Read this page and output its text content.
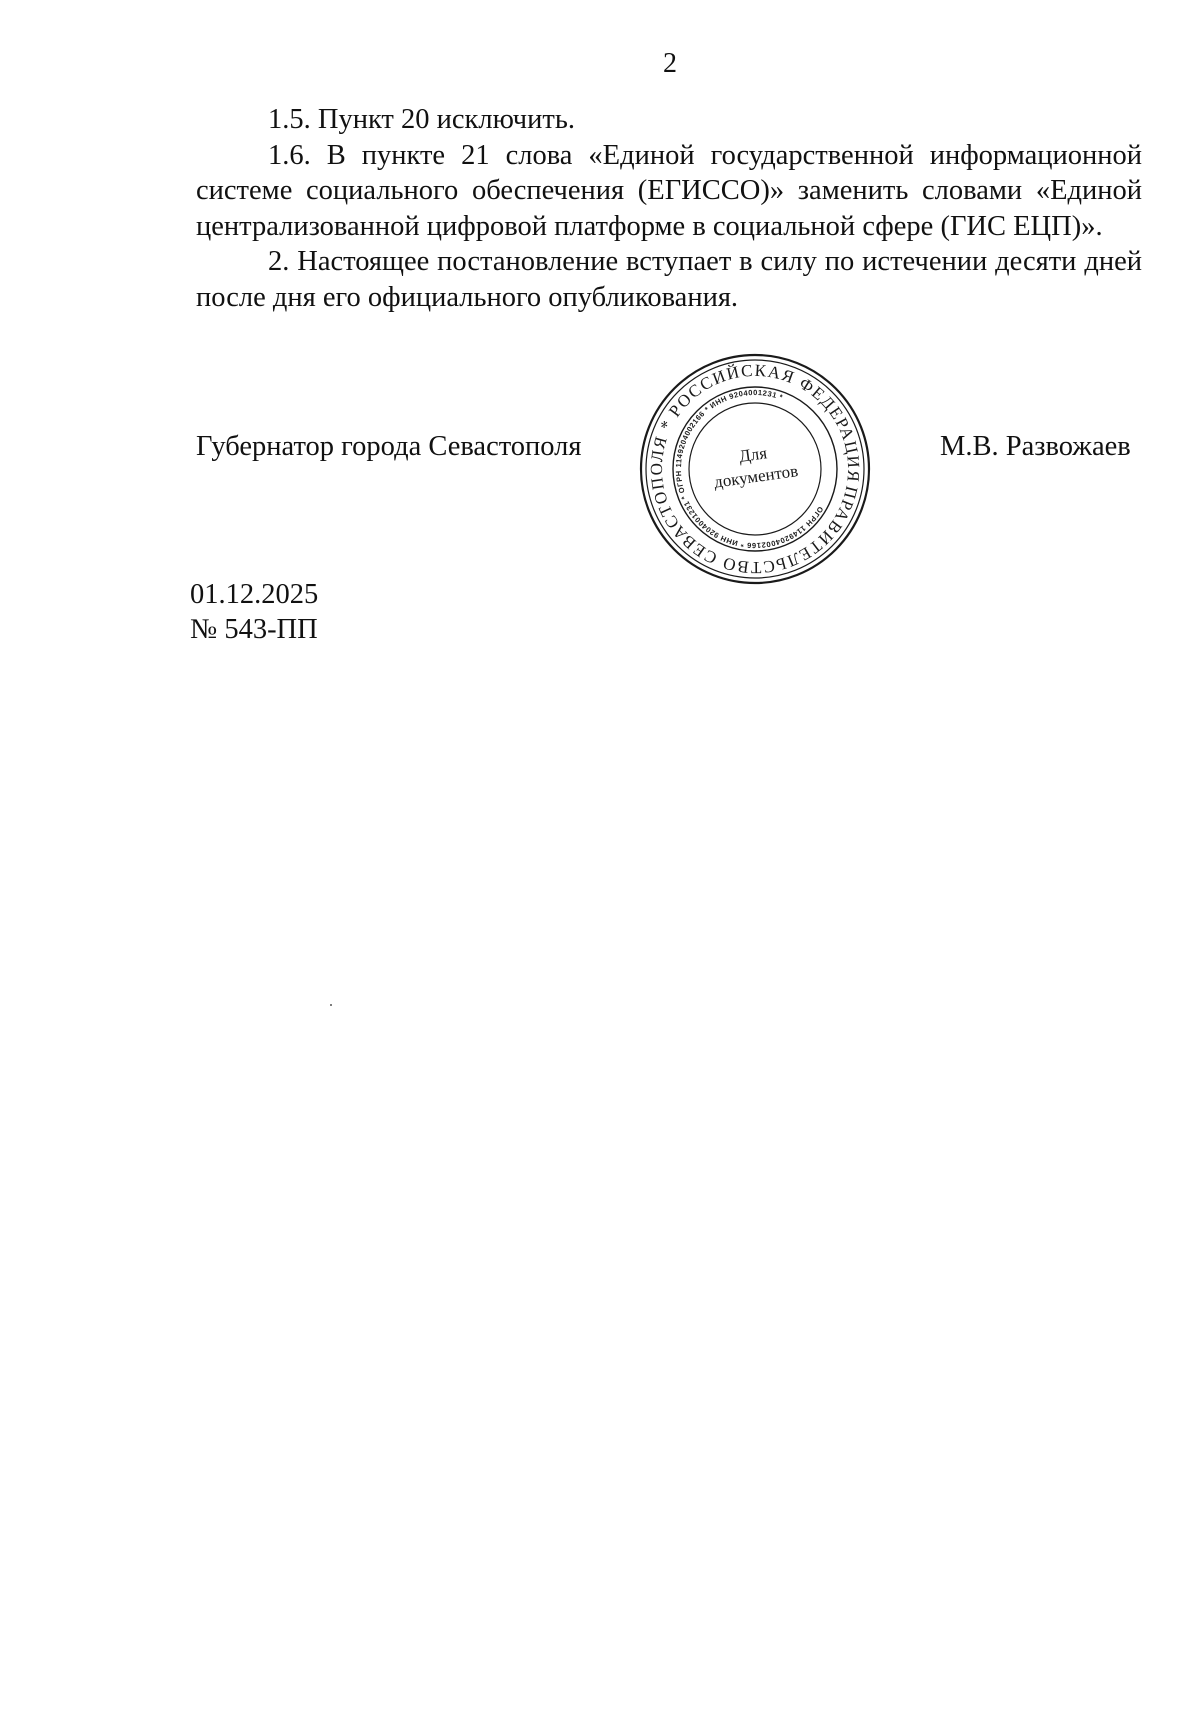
2

1.5. Пункт 20 исключить.

1.6. В пункте 21 слова «Единой государственной информационной системе социального обеспечения (ЕГИССО)» заменить словами «Единой централизованной цифровой платформе в социальной сфере (ГИС ЕЦП)».

2. Настоящее постановление вступает в силу по истечении десяти дней после дня его официального опубликования.

Губернатор города Севастополя
ПРАВИТЕЛЬСТВО СЕВАСТОПОЛЯ * РОССИЙСКАЯ ФЕДЕРАЦИЯ
ОГРН 1149204002166 * ИНН 9204001231 * ОГРН 1149204002166 * ИНН 9204001231 *
Для
документов
М.В. Развожаев
01.12.2025
№ 543-ПП
